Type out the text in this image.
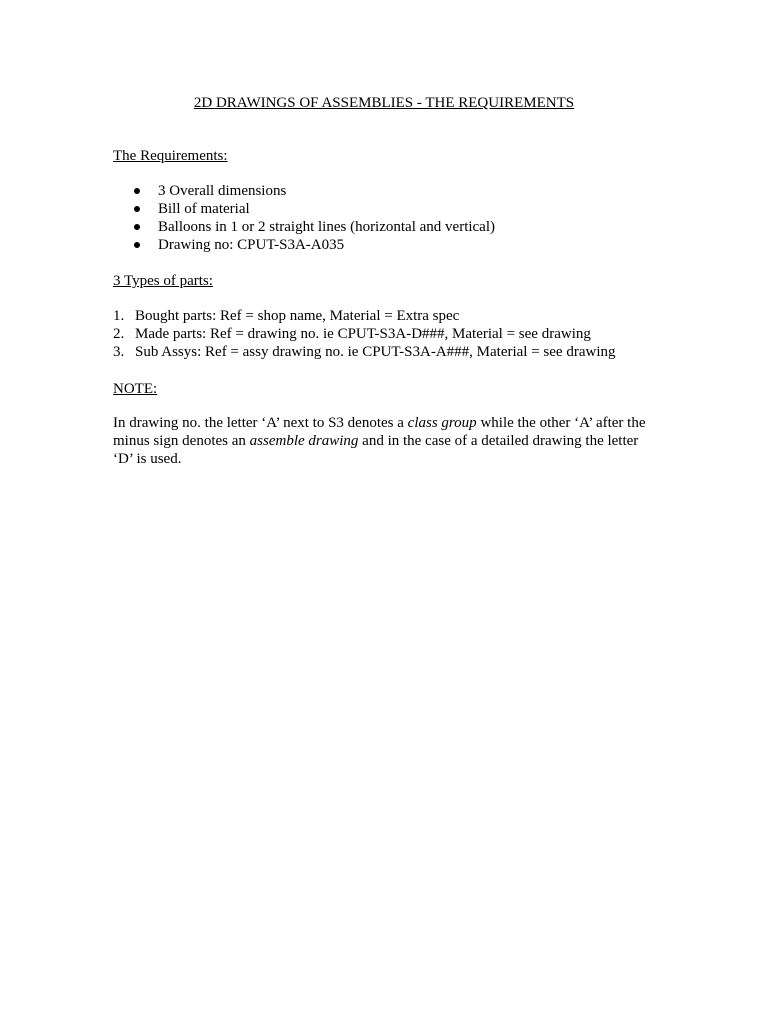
2D DRAWINGS OF ASSEMBLIES - THE REQUIREMENTS
The Requirements:
3 Overall dimensions
Bill of material
Balloons in 1 or 2 straight lines (horizontal and vertical)
Drawing no: CPUT-S3A-A035
3 Types of parts:
1. Bought parts: Ref = shop name, Material = Extra spec
2. Made parts: Ref = drawing no. ie CPUT-S3A-D###, Material = see drawing
3. Sub Assys: Ref = assy drawing no. ie CPUT-S3A-A###, Material = see drawing
NOTE:

In drawing no. the letter ‘A’ next to S3 denotes a class group while the other ‘A’ after the
minus sign denotes an assemble drawing and in the case of a detailed drawing the letter
‘D’ is used.
